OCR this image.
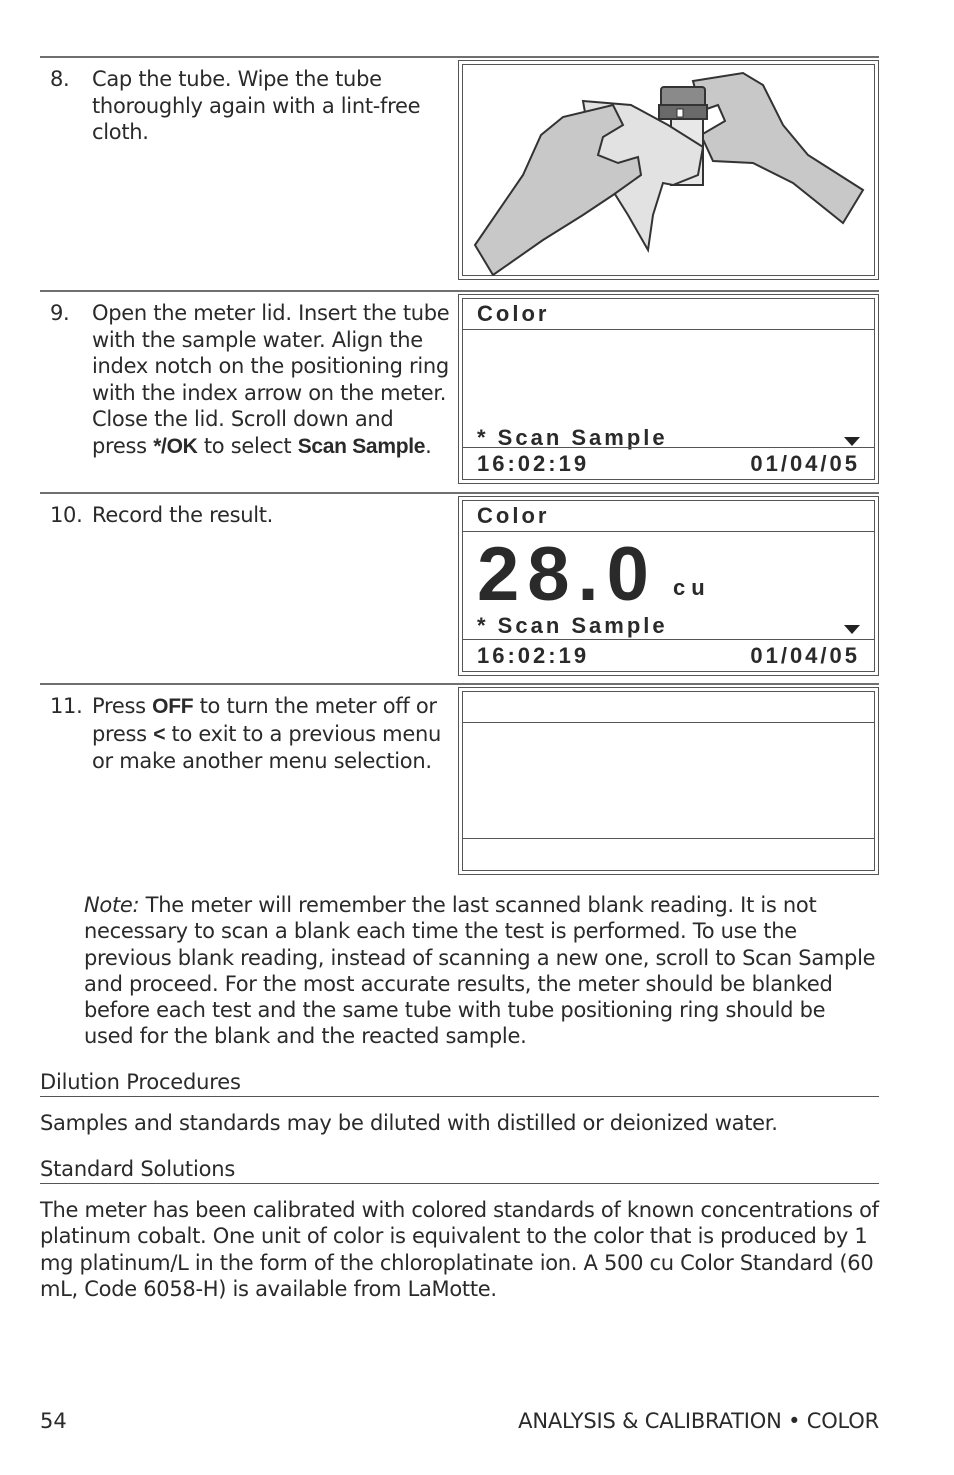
8. Cap the tube. Wipe the tube thoroughly again with a lint-free cloth.
9. Open the meter lid. Insert the tube with the sample water. Align the index notch on the positioning ring with the index arrow on the meter. Close the lid. Scroll down and press */OK to select Scan Sample.
Color
* Scan Sample
16:02:19	01/04/05
10. Record the result.	Color
28.0 cu
* Scan Sample
16:02:19	01/04/05
11. Press OFF to turn the meter off or press < to exit to a previous menu or make another menu selection.
Note: The meter will remember the last scanned blank reading. It is not necessary to scan a blank each time the test is performed. To use the previous blank reading, instead of scanning a new one, scroll to Scan Sample and proceed. For the most accurate results, the meter should be blanked before each test and the same tube with tube positioning ring should be used for the blank and the reacted sample.
Dilution Procedures
Samples and standards may be diluted with distilled or deionized water.
Standard Solutions
The meter has been calibrated with colored standards of known concentrations of platinum cobalt. One unit of color is equivalent to the color that is produced by 1 mg platinum/L in the form of the chloroplatinate ion. A 500 cu Color Standard (60 mL, Code 6058-H) is available from LaMotte.
54	ANALYSIS & CALIBRATION • COLOR
